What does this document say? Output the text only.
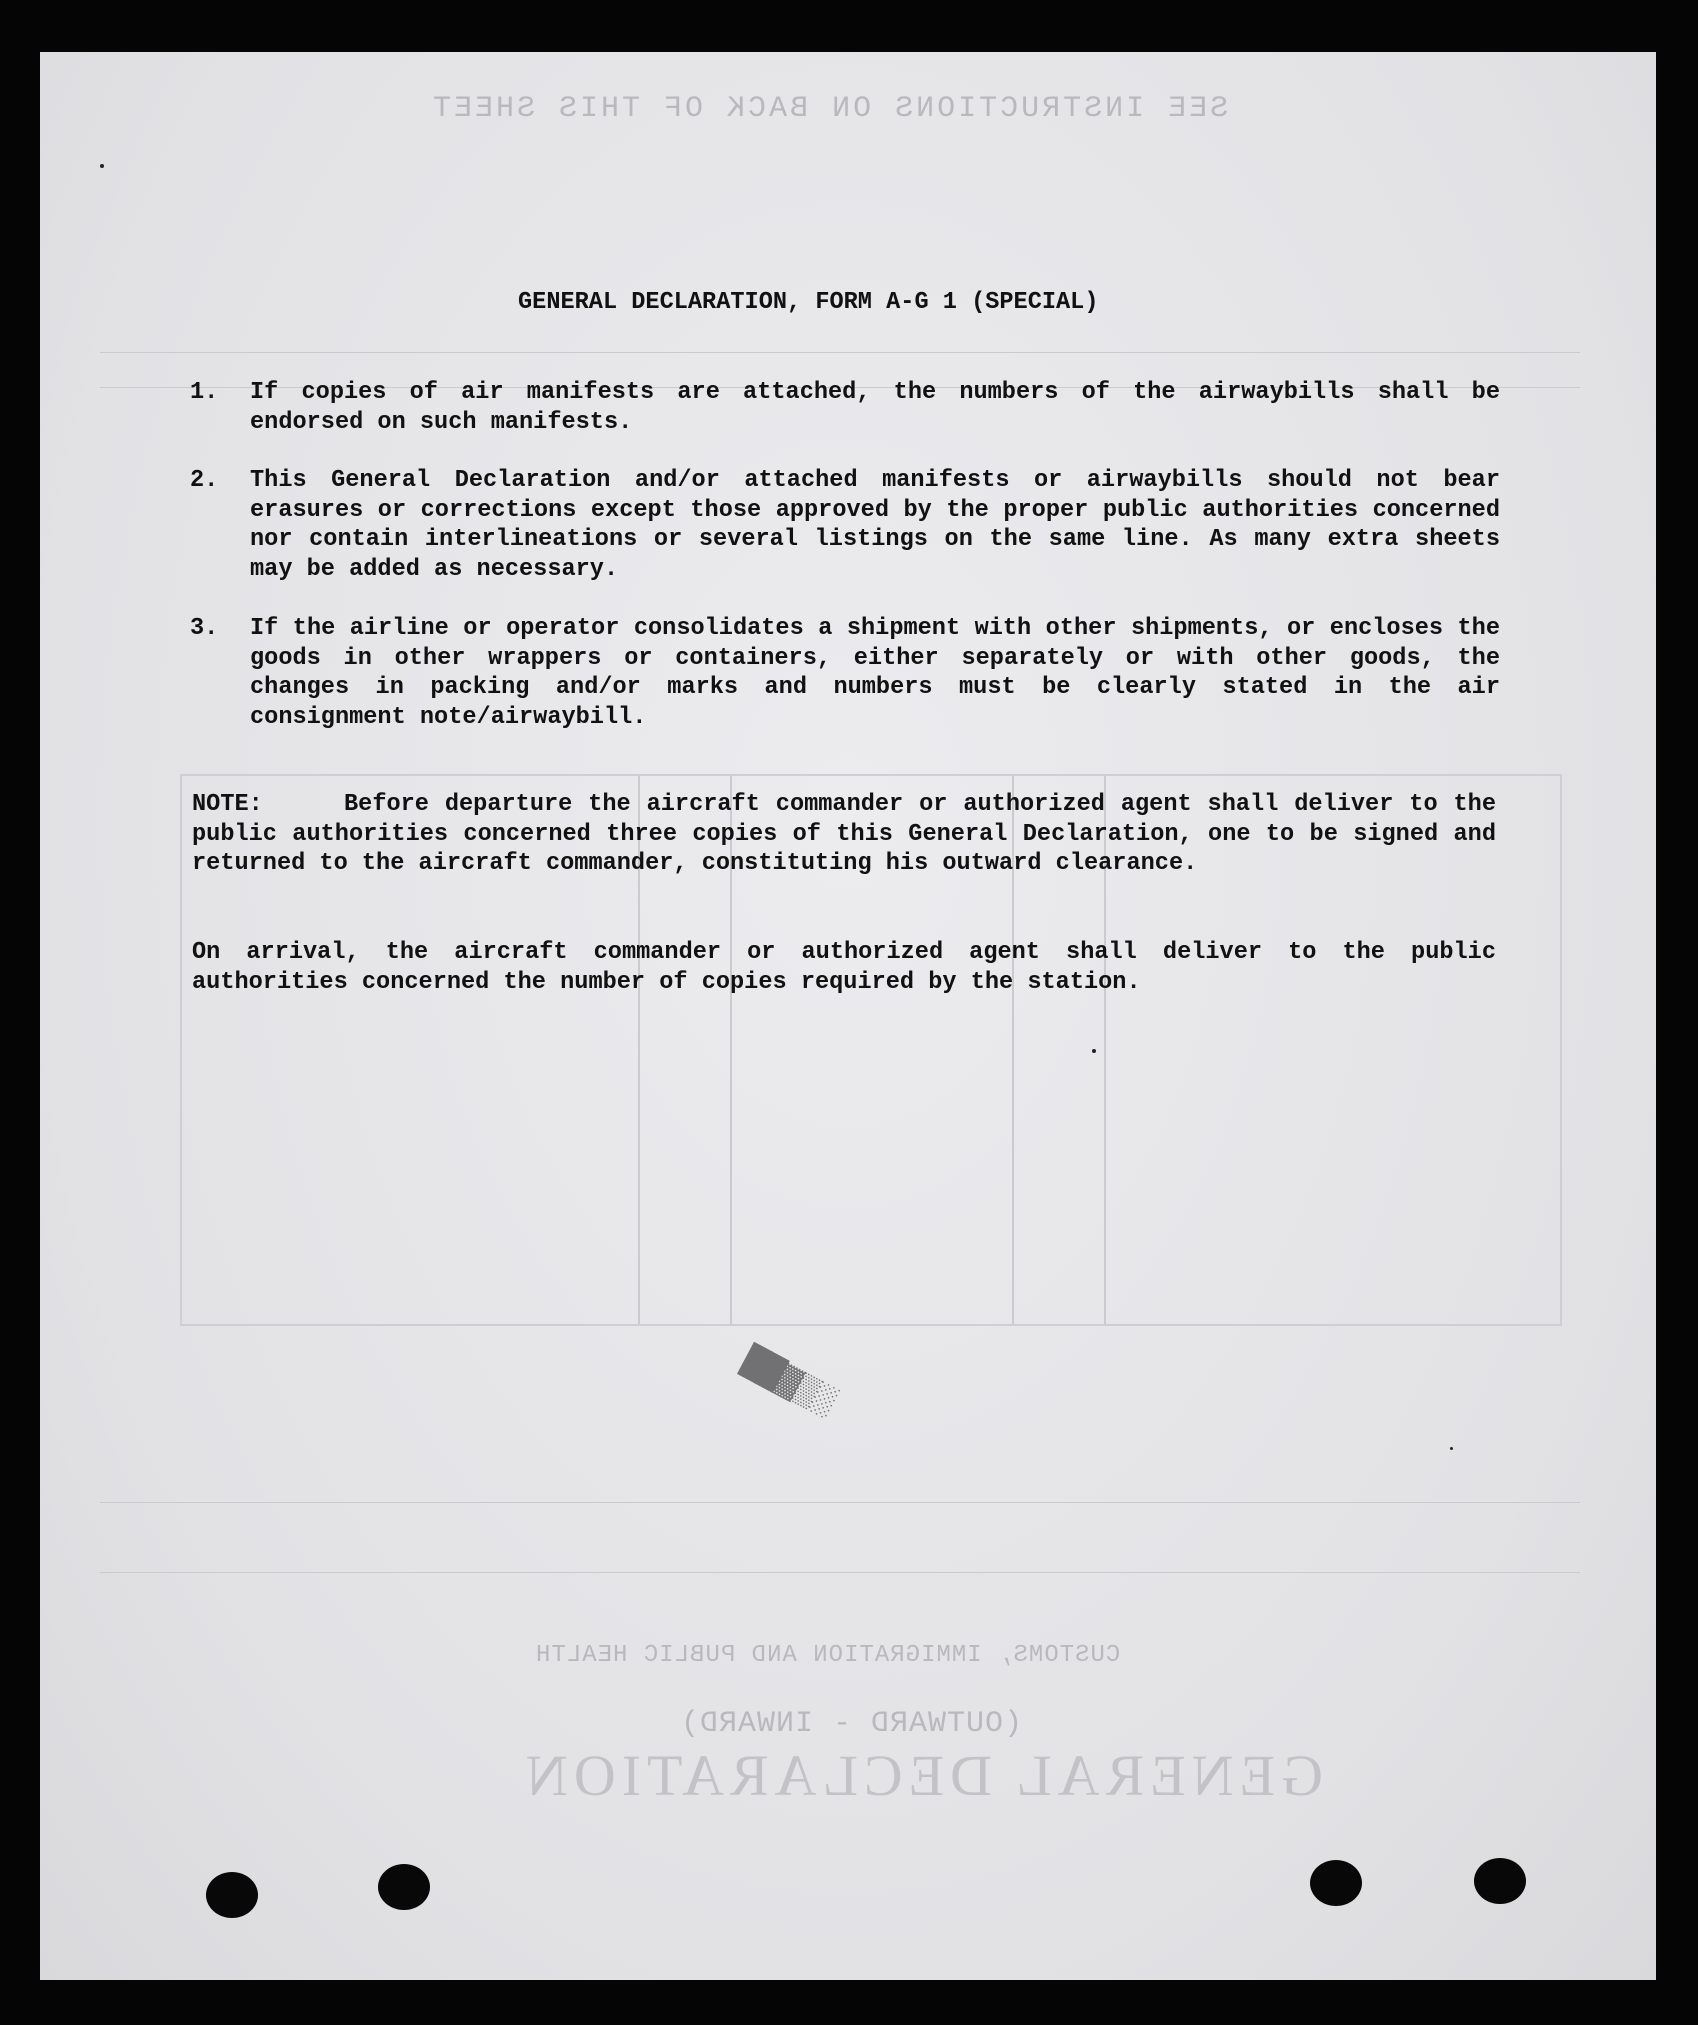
SEE INSTRUCTIONS ON BACK OF THIS SHEET
CUSTOMS, IMMIGRATION AND PUBLIC HEALTH
(OUTWARD - INWARD)
GENERAL DECLARATION
██▓▒░
GENERAL DECLARATION, FORM A-G 1 (SPECIAL)
1. If copies of air manifests are attached, the numbers of the airwaybills shall be endorsed on such manifests.
2. This General Declaration and/or attached manifests or airwaybills should not bear erasures or corrections except those approved by the proper public authorities concerned nor contain interlineations or several listings on the same line. As many extra sheets may be added as necessary.
3. If the airline or operator consolidates a shipment with other shipments, or encloses the goods in other wrappers or containers, either separately or with other goods, the changes in packing and/or marks and numbers must be clearly stated in the air consignment note/airwaybill.
NOTE:	Before departure the aircraft commander or authorized agent shall deliver to the public authorities concerned three copies of this General Declaration, one to be signed and returned to the aircraft commander, constituting his outward clearance.
On arrival, the aircraft commander or authorized agent shall deliver to the public authorities concerned the number of copies required by the station.
